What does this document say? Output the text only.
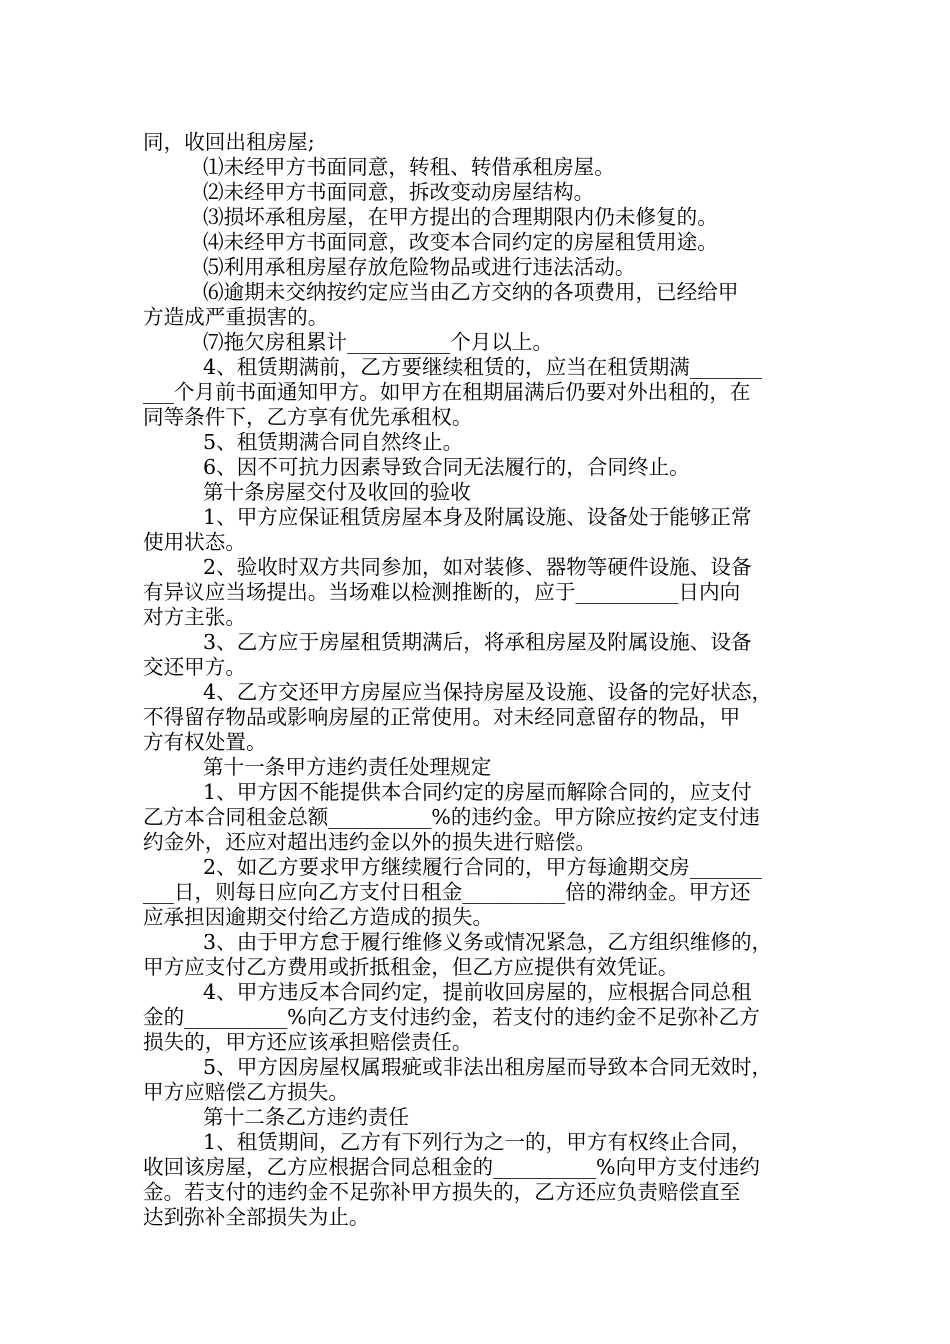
同，收回出租房屋;
⑴未经甲方书面同意，转租、转借承租房屋。
⑵未经甲方书面同意，拆改变动房屋结构。
⑶损坏承租房屋，在甲方提出的合理期限内仍未修复的。
⑷未经甲方书面同意，改变本合同约定的房屋租赁用途。
⑸利用承租房屋存放危险物品或进行违法活动。
⑹逾期未交纳按约定应当由乙方交纳的各项费用，已经给甲
方造成严重损害的。
⑺拖欠房租累计__________个月以上。
4、租赁期满前，乙方要继续租赁的，应当在租赁期满_______
___个月前书面通知甲方。如甲方在租期届满后仍要对外出租的，在
同等条件下，乙方享有优先承租权。
5、租赁期满合同自然终止。
6、因不可抗力因素导致合同无法履行的，合同终止。
第十条房屋交付及收回的验收
1、甲方应保证租赁房屋本身及附属设施、设备处于能够正常
使用状态。
2、验收时双方共同参加，如对装修、器物等硬件设施、设备
有异议应当场提出。当场难以检测推断的，应于__________日内向
对方主张。
3、乙方应于房屋租赁期满后，将承租房屋及附属设施、设备
交还甲方。
4、乙方交还甲方房屋应当保持房屋及设施、设备的完好状态，
不得留存物品或影响房屋的正常使用。对未经同意留存的物品，甲
方有权处置。
第十一条甲方违约责任处理规定
1、甲方因不能提供本合同约定的房屋而解除合同的，应支付
乙方本合同租金总额__________%的违约金。甲方除应按约定支付违
约金外，还应对超出违约金以外的损失进行赔偿。
2、如乙方要求甲方继续履行合同的，甲方每逾期交房_______
___日，则每日应向乙方支付日租金__________倍的滞纳金。甲方还
应承担因逾期交付给乙方造成的损失。
3、由于甲方怠于履行维修义务或情况紧急，乙方组织维修的，
甲方应支付乙方费用或折抵租金，但乙方应提供有效凭证。
4、甲方违反本合同约定，提前收回房屋的，应根据合同总租
金的__________%向乙方支付违约金，若支付的违约金不足弥补乙方
损失的，甲方还应该承担赔偿责任。
5、甲方因房屋权属瑕疵或非法出租房屋而导致本合同无效时，
甲方应赔偿乙方损失。
第十二条乙方违约责任
1、租赁期间，乙方有下列行为之一的，甲方有权终止合同，
收回该房屋，乙方应根据合同总租金的__________%向甲方支付违约
金。若支付的违约金不足弥补甲方损失的，乙方还应负责赔偿直至
达到弥补全部损失为止。
